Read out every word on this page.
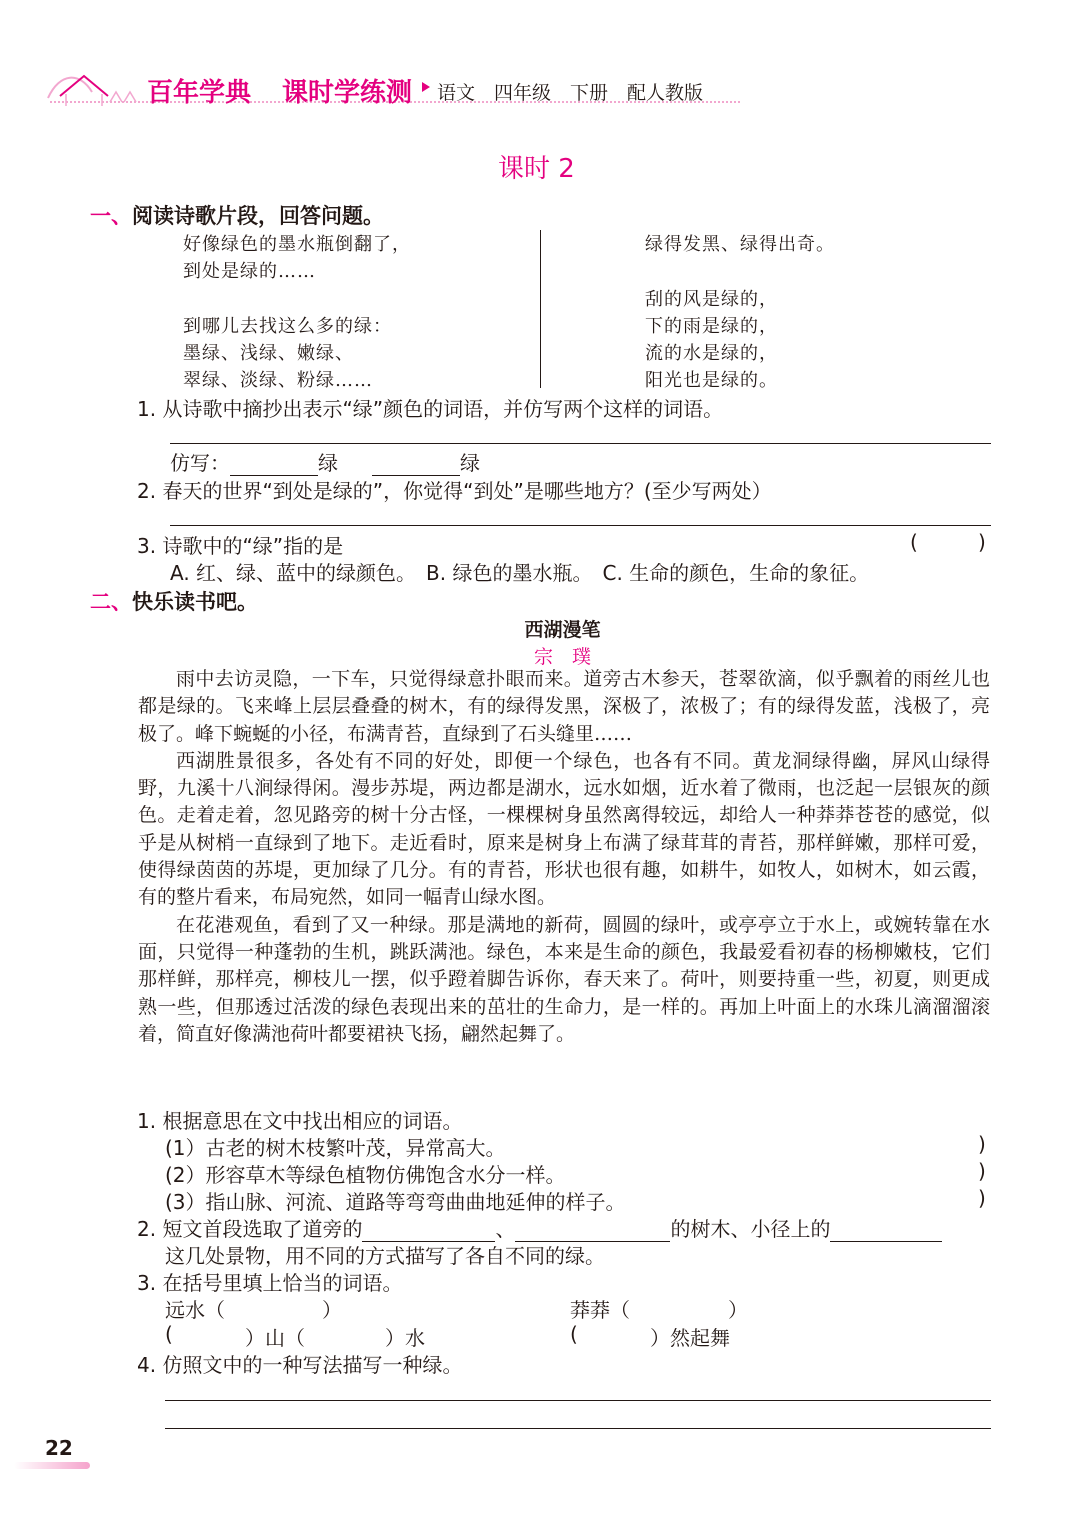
百年学典 课时学练测 语文　四年级　下册　配人教版
课时 2
一、阅读诗歌片段，回答问题。
好像绿色的墨水瓶倒翻了，
到处是绿的……
到哪儿去找这么多的绿：
墨绿、浅绿、嫩绿、
翠绿、淡绿、粉绿……
绿得发黑、绿得出奇。
刮的风是绿的，
下的雨是绿的，
流的水是绿的，
阳光也是绿的。
1. 从诗歌中摘抄出表示“绿”颜色的词语，并仿写两个这样的词语。
仿写：	绿	绿
2. 春天的世界“到处是绿的”，你觉得“到处”是哪些地方？(至少写两处）
3. 诗歌中的“绿”指的是	(	)
A. 红、绿、蓝中的绿颜色。　B. 绿色的墨水瓶。　C. 生命的颜色，生命的象征。
二、快乐读书吧。
西湖漫笔
宗　璞

雨中去访灵隐，一下车，只觉得绿意扑眼而来。道旁古木参天，苍翠欲滴，似乎飘着的雨丝儿也都是绿的。飞来峰上层层叠叠的树木，有的绿得发黑，深极了，浓极了；有的绿得发蓝，浅极了，亮极了。峰下蜿蜒的小径，布满青苔，直绿到了石头缝里……

西湖胜景很多，各处有不同的好处，即便一个绿色，也各有不同。黄龙洞绿得幽，屏风山绿得野，九溪十八涧绿得闲。漫步苏堤，两边都是湖水，远水如烟，近水着了微雨，也泛起一层银灰的颜色。走着走着，忽见路旁的树十分古怪，一棵棵树身虽然离得较远，却给人一种莽莽苍苍的感觉，似乎是从树梢一直绿到了地下。走近看时，原来是树身上布满了绿茸茸的青苔，那样鲜嫩，那样可爱，使得绿茵茵的苏堤，更加绿了几分。有的青苔，形状也很有趣，如耕牛，如牧人，如树木，如云霞，有的整片看来，布局宛然，如同一幅青山绿水图。

在花港观鱼，看到了又一种绿。那是满地的新荷，圆圆的绿叶，或亭亭立于水上，或婉转靠在水面，只觉得一种蓬勃的生机，跳跃满池。绿色，本来是生命的颜色，我最爱看初春的杨柳嫩枝，它们那样鲜，那样亮，柳枝儿一摆，似乎蹬着脚告诉你，春天来了。荷叶，则要持重一些，初夏，则更成熟一些，但那透过活泼的绿色表现出来的茁壮的生命力，是一样的。再加上叶面上的水珠儿滴溜溜滚着，简直好像满池荷叶都要裙袂飞扬，翩然起舞了。

1. 根据意思在文中找出相应的词语。
(1）古老的树木枝繁叶茂，异常高大。
(2）形容草木等绿色植物仿佛饱含水分一样。
(3）指山脉、河流、道路等弯弯曲曲地延伸的样子。
)
)
)
2. 短文首段选取了道旁的	、	的树木、小径上的
这几处景物，用不同的方式描写了各自不同的绿。
3. 在括号里填上恰当的词语。
远水（	）	莽莽（	）
(	）山（	）水	(	）然起舞
4. 仿照文中的一种写法描写一种绿。
22
